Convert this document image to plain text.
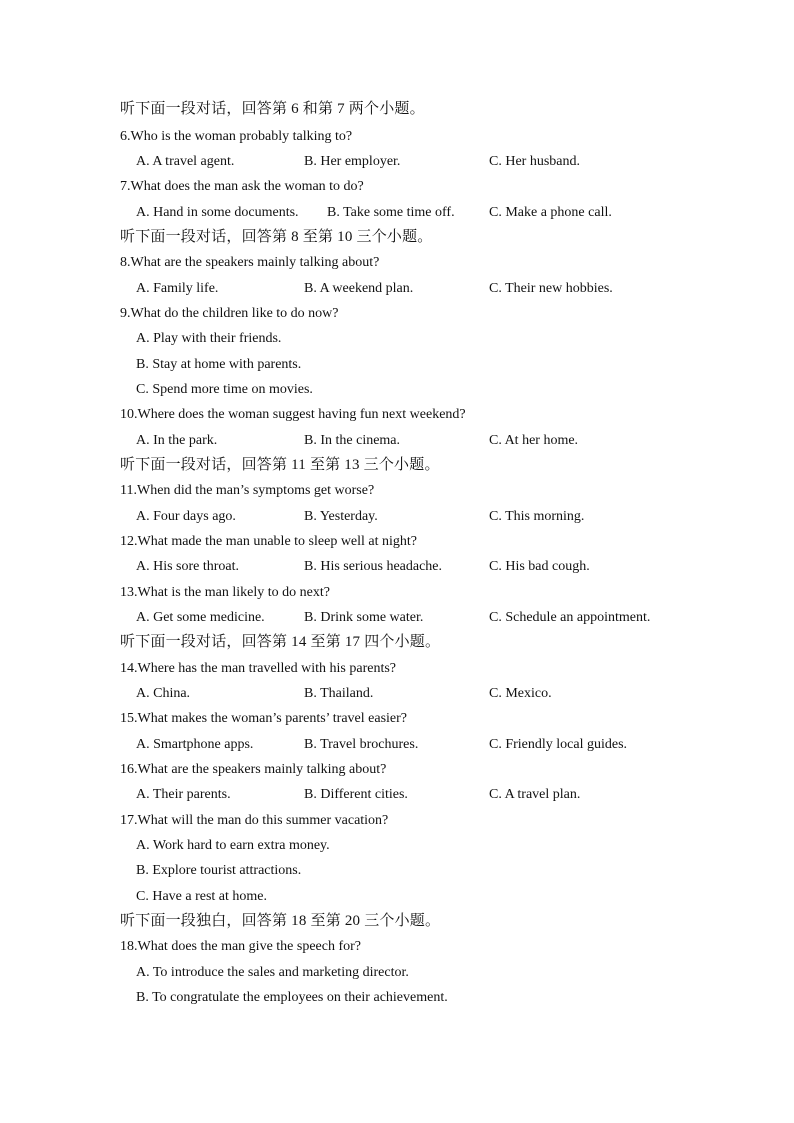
听下面一段对话，回答第 6 和第 7 两个小题。
6.Who is the woman probably talking to?
A. A travel agent.	B. Her employer.	C. Her husband.
7.What does the man ask the woman to do?
A. Hand in some documents. B. Take some time off. C. Make a phone call.
听下面一段对话，回答第 8 至第 10 三个小题。
8.What are the speakers mainly talking about?
A. Family life.	B. A weekend plan.	C. Their new hobbies.
9.What do the children like to do now?
A. Play with their friends.
B. Stay at home with parents.
C. Spend more time on movies.
10.Where does the woman suggest having fun next weekend?
A. In the park.	B. In the cinema.	C. At her home.
听下面一段对话，回答第 11 至第 13 三个小题。
11.When did the man’s symptoms get worse?
A. Four days ago.	B. Yesterday.	C. This morning.
12.What made the man unable to sleep well at night?
A. His sore throat.	B. His serious headache.	C. His bad cough.
13.What is the man likely to do next?
A. Get some medicine.	B. Drink some water.	C. Schedule an appointment.
听下面一段对话，回答第 14 至第 17 四个小题。
14.Where has the man travelled with his parents?
A. China.	B. Thailand.	C. Mexico.
15.What makes the woman’s parents’ travel easier?
A. Smartphone apps.	B. Travel brochures.	C. Friendly local guides.
16.What are the speakers mainly talking about?
A. Their parents.	B. Different cities.	C. A travel plan.
17.What will the man do this summer vacation?
A. Work hard to earn extra money.
B. Explore tourist attractions.
C. Have a rest at home.
听下面一段独白，回答第 18 至第 20 三个小题。
18.What does the man give the speech for?
A. To introduce the sales and marketing director.
B. To congratulate the employees on their achievement.
